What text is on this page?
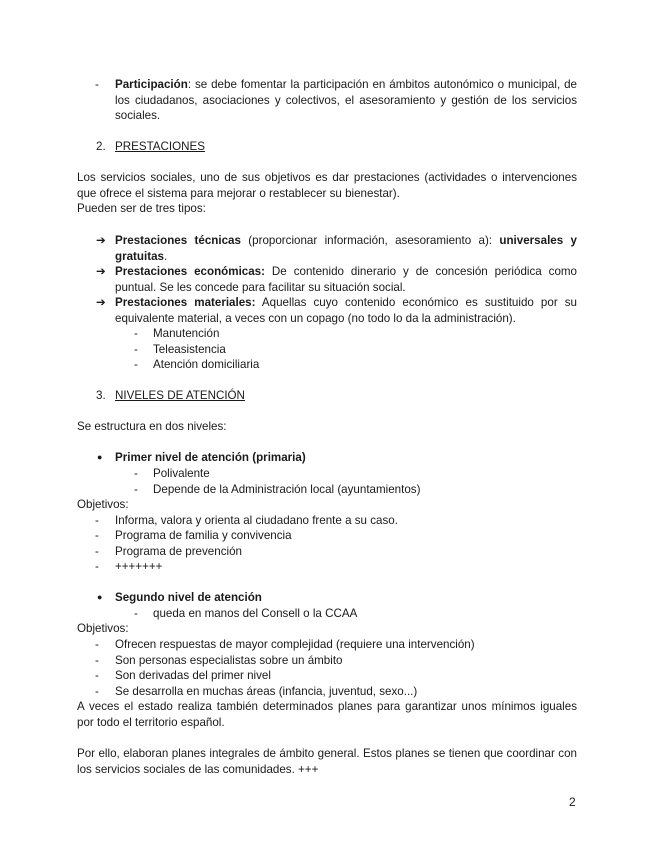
- Participación: se debe fomentar la participación en ámbitos autonómico o municipal, de los ciudadanos, asociaciones y colectivos, el asesoramiento y gestión de los servicios sociales.
2. PRESTACIONES
Los servicios sociales, uno de sus objetivos es dar prestaciones (actividades o intervenciones que ofrece el sistema para mejorar o restablecer su bienestar).
Pueden ser de tres tipos:
➔ Prestaciones técnicas (proporcionar información, asesoramiento a): universales y gratuitas.
➔ Prestaciones económicas: De contenido dinerario y de concesión periódica como puntual. Se les concede para facilitar su situación social.
➔ Prestaciones materiales: Aquellas cuyo contenido económico es sustituido por su equivalente material, a veces con un copago (no todo lo da la administración).
- Manutención
- Teleasistencia
- Atención domiciliaria
3. NIVELES DE ATENCIÓN
Se estructura en dos niveles:
● Primer nivel de atención (primaria)
- Polivalente
- Depende de la Administración local (ayuntamientos)
Objetivos:
- Informa, valora y orienta al ciudadano frente a su caso.
- Programa de familia y convivencia
- Programa de prevención
- +++++++
● Segundo nivel de atención
- queda en manos del Consell o la CCAA
Objetivos:
- Ofrecen respuestas de mayor complejidad (requiere una intervención)
- Son personas especialistas sobre un ámbito
- Son derivadas del primer nivel
- Se desarrolla en muchas áreas (infancia, juventud, sexo...)
A veces el estado realiza también determinados planes para garantizar unos mínimos iguales por todo el territorio español.
Por ello, elaboran planes integrales de ámbito general. Estos planes se tienen que coordinar con los servicios sociales de las comunidades. +++
2
